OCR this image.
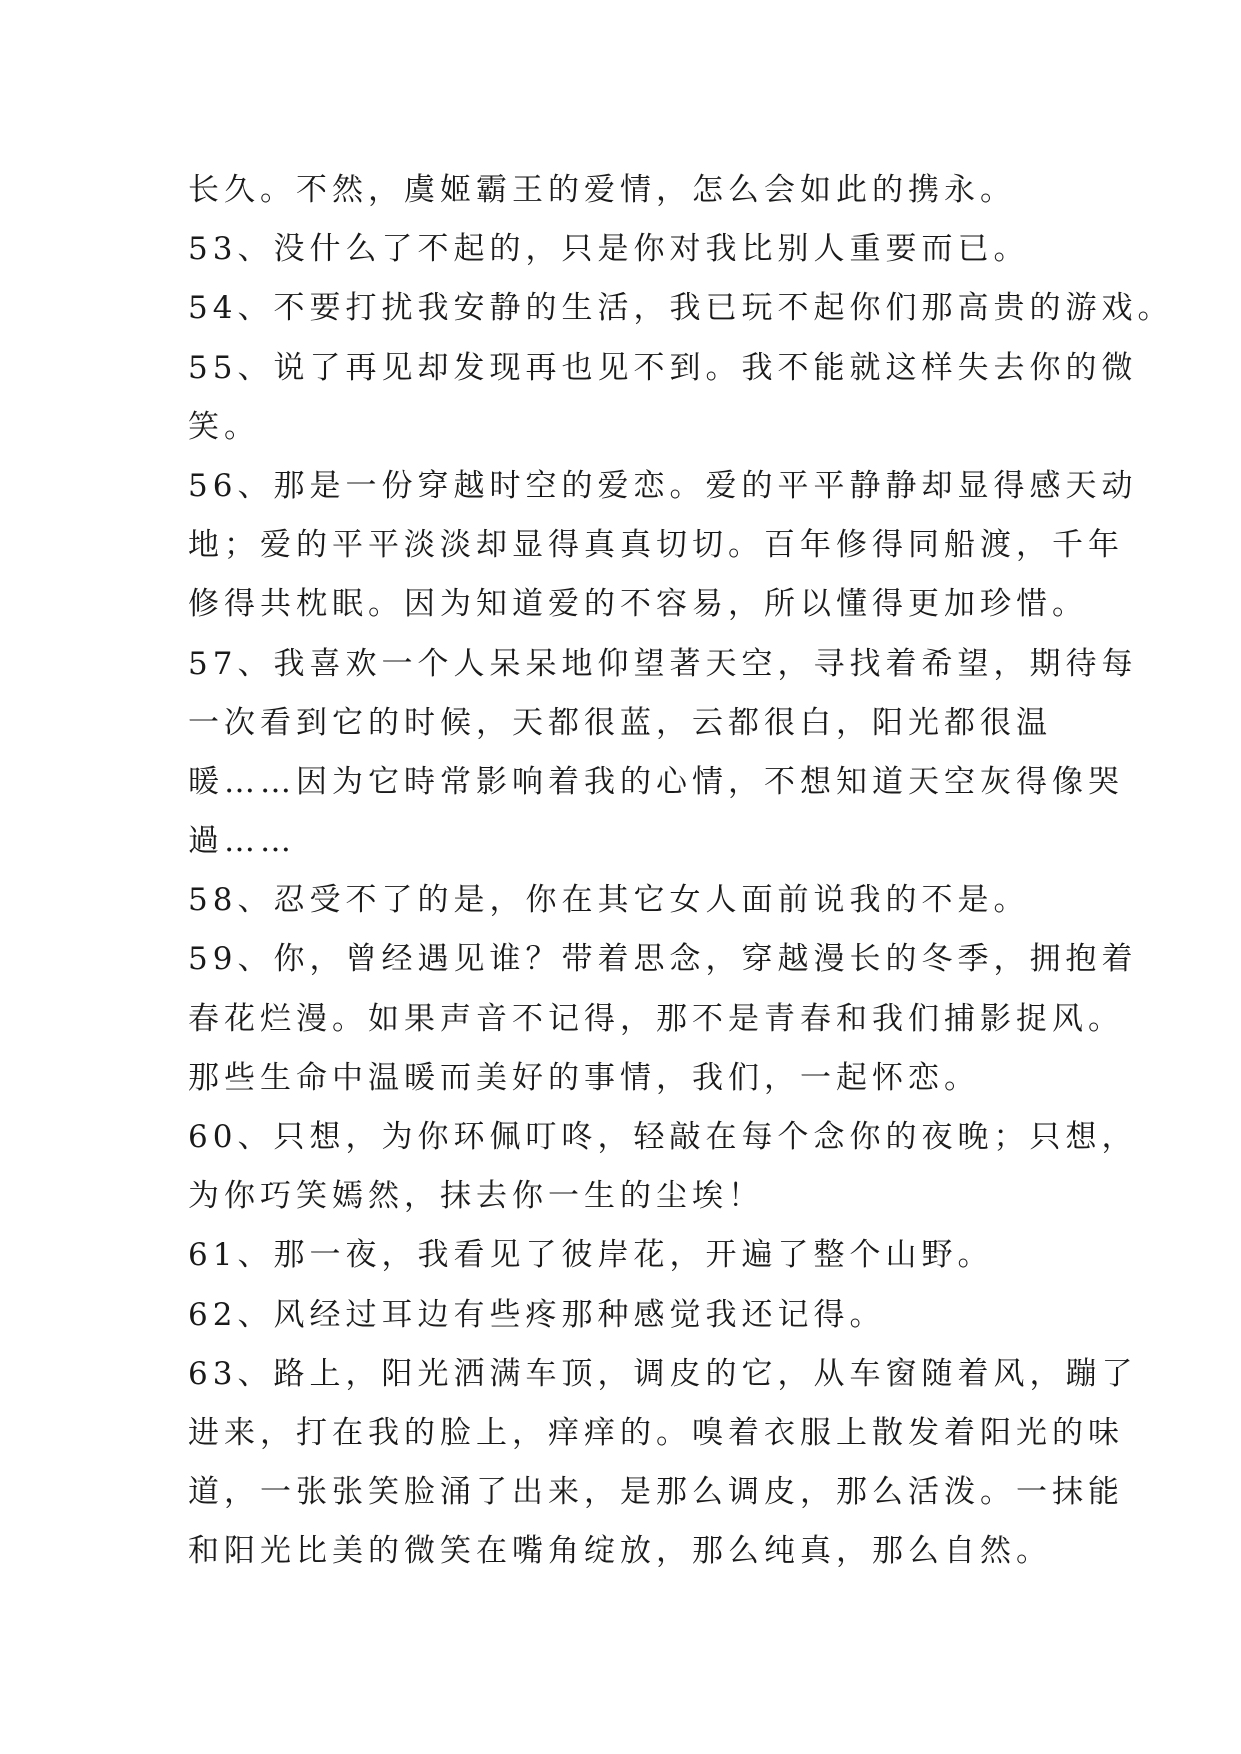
长久。不然，虞姬霸王的爱情，怎么会如此的携永。
53、没什么了不起的，只是你对我比别人重要而已。
54、不要打扰我安静的生活，我已玩不起你们那高贵的游戏。
55、说了再见却发现再也见不到。我不能就这样失去你的微
笑。
56、那是一份穿越时空的爱恋。爱的平平静静却显得感天动
地；爱的平平淡淡却显得真真切切。百年修得同船渡，千年
修得共枕眠。因为知道爱的不容易，所以懂得更加珍惜。
57、我喜欢一个人呆呆地仰望著天空，寻找着希望，期待每
一次看到它的时候，天都很蓝，云都很白，阳光都很温
暖……因为它時常影响着我的心情，不想知道天空灰得像哭
過……
58、忍受不了的是，你在其它女人面前说我的不是。
59、你，曾经遇见谁？带着思念，穿越漫长的冬季，拥抱着
春花烂漫。如果声音不记得，那不是青春和我们捕影捉风。
那些生命中温暖而美好的事情，我们，一起怀恋。
60、只想，为你环佩叮咚，轻敲在每个念你的夜晚；只想，
为你巧笑嫣然，抹去你一生的尘埃！
61、那一夜，我看见了彼岸花，开遍了整个山野。
62、风经过耳边有些疼那种感觉我还记得。
63、路上，阳光洒满车顶，调皮的它，从车窗随着风，蹦了
进来，打在我的脸上，痒痒的。嗅着衣服上散发着阳光的味
道，一张张笑脸涌了出来，是那么调皮，那么活泼。一抹能
和阳光比美的微笑在嘴角绽放，那么纯真，那么自然。
